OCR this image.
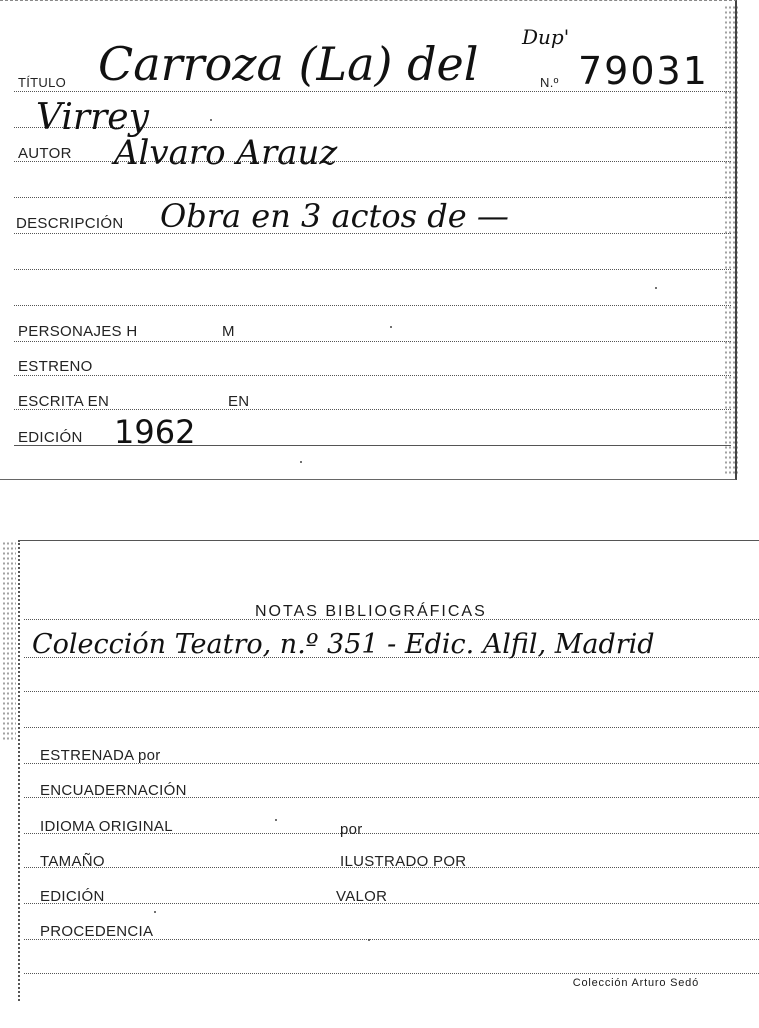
TÍTULO Carroza (La) del Dup'
N.º 79031
Virrey
AUTOR Alvaro Arauz
DESCRIPCIÓN Obra en 3 actos de —
PERSONAJES H	M
ESTRENO
ESCRITA EN	EN
EDICIÓN 1962
NOTAS BIBLIOGRÁFICAS
Colección Teatro, n.º 351 - Edic. Alfil, Madrid
ESTRENADA por
ENCUADERNACIÓN
IDIOMA ORIGINAL	por
TAMAÑO	ILUSTRADO POR
EDICIÓN	VALOR
PROCEDENCIA
Colección Arturo Sedó
